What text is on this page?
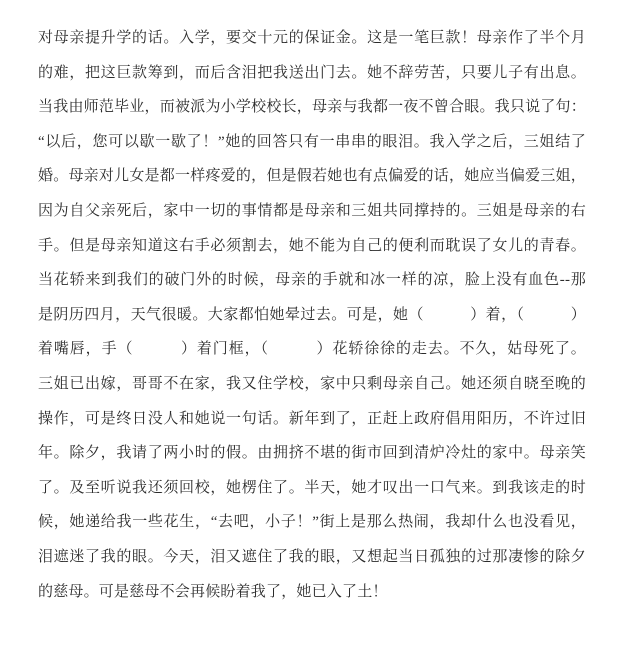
对母亲提升学的话。入学，要交十元的保证金。这是一笔巨款！母亲作了半个月
的难，把这巨款筹到，而后含泪把我送出门去。她不辞劳苦，只要儿子有出息。
当我由师范毕业，而被派为小学校校长，母亲与我都一夜不曾合眼。我只说了句：
“以后，您可以歇一歇了！”她的回答只有一串串的眼泪。我入学之后，三姐结了
婚。母亲对儿女是都一样疼爱的，但是假若她也有点偏爱的话，她应当偏爱三姐，
因为自父亲死后，家中一切的事情都是母亲和三姐共同撑持的。三姐是母亲的右
手。但是母亲知道这右手必须割去，她不能为自己的便利而耽误了女儿的青春。
当花轿来到我们的破门外的时候，母亲的手就和冰一样的凉，脸上没有血色--那
是阴历四月，天气很暖。大家都怕她晕过去。可是，她（　　　）着，（　　　）
着嘴唇，手（　　　）着门框，（　　　）花轿徐徐的走去。不久，姑母死了。
三姐已出嫁，哥哥不在家，我又住学校，家中只剩母亲自己。她还须自晓至晚的
操作，可是终日没人和她说一句话。新年到了，正赶上政府倡用阳历，不许过旧
年。除夕，我请了两小时的假。由拥挤不堪的街市回到清炉冷灶的家中。母亲笑
了。及至听说我还须回校，她楞住了。半天，她才叹出一口气来。到我该走的时
候，她递给我一些花生，“去吧，小子！”街上是那么热闹，我却什么也没看见，
泪遮迷了我的眼。今天，泪又遮住了我的眼，又想起当日孤独的过那凄惨的除夕
的慈母。可是慈母不会再候盼着我了，她已入了土！
